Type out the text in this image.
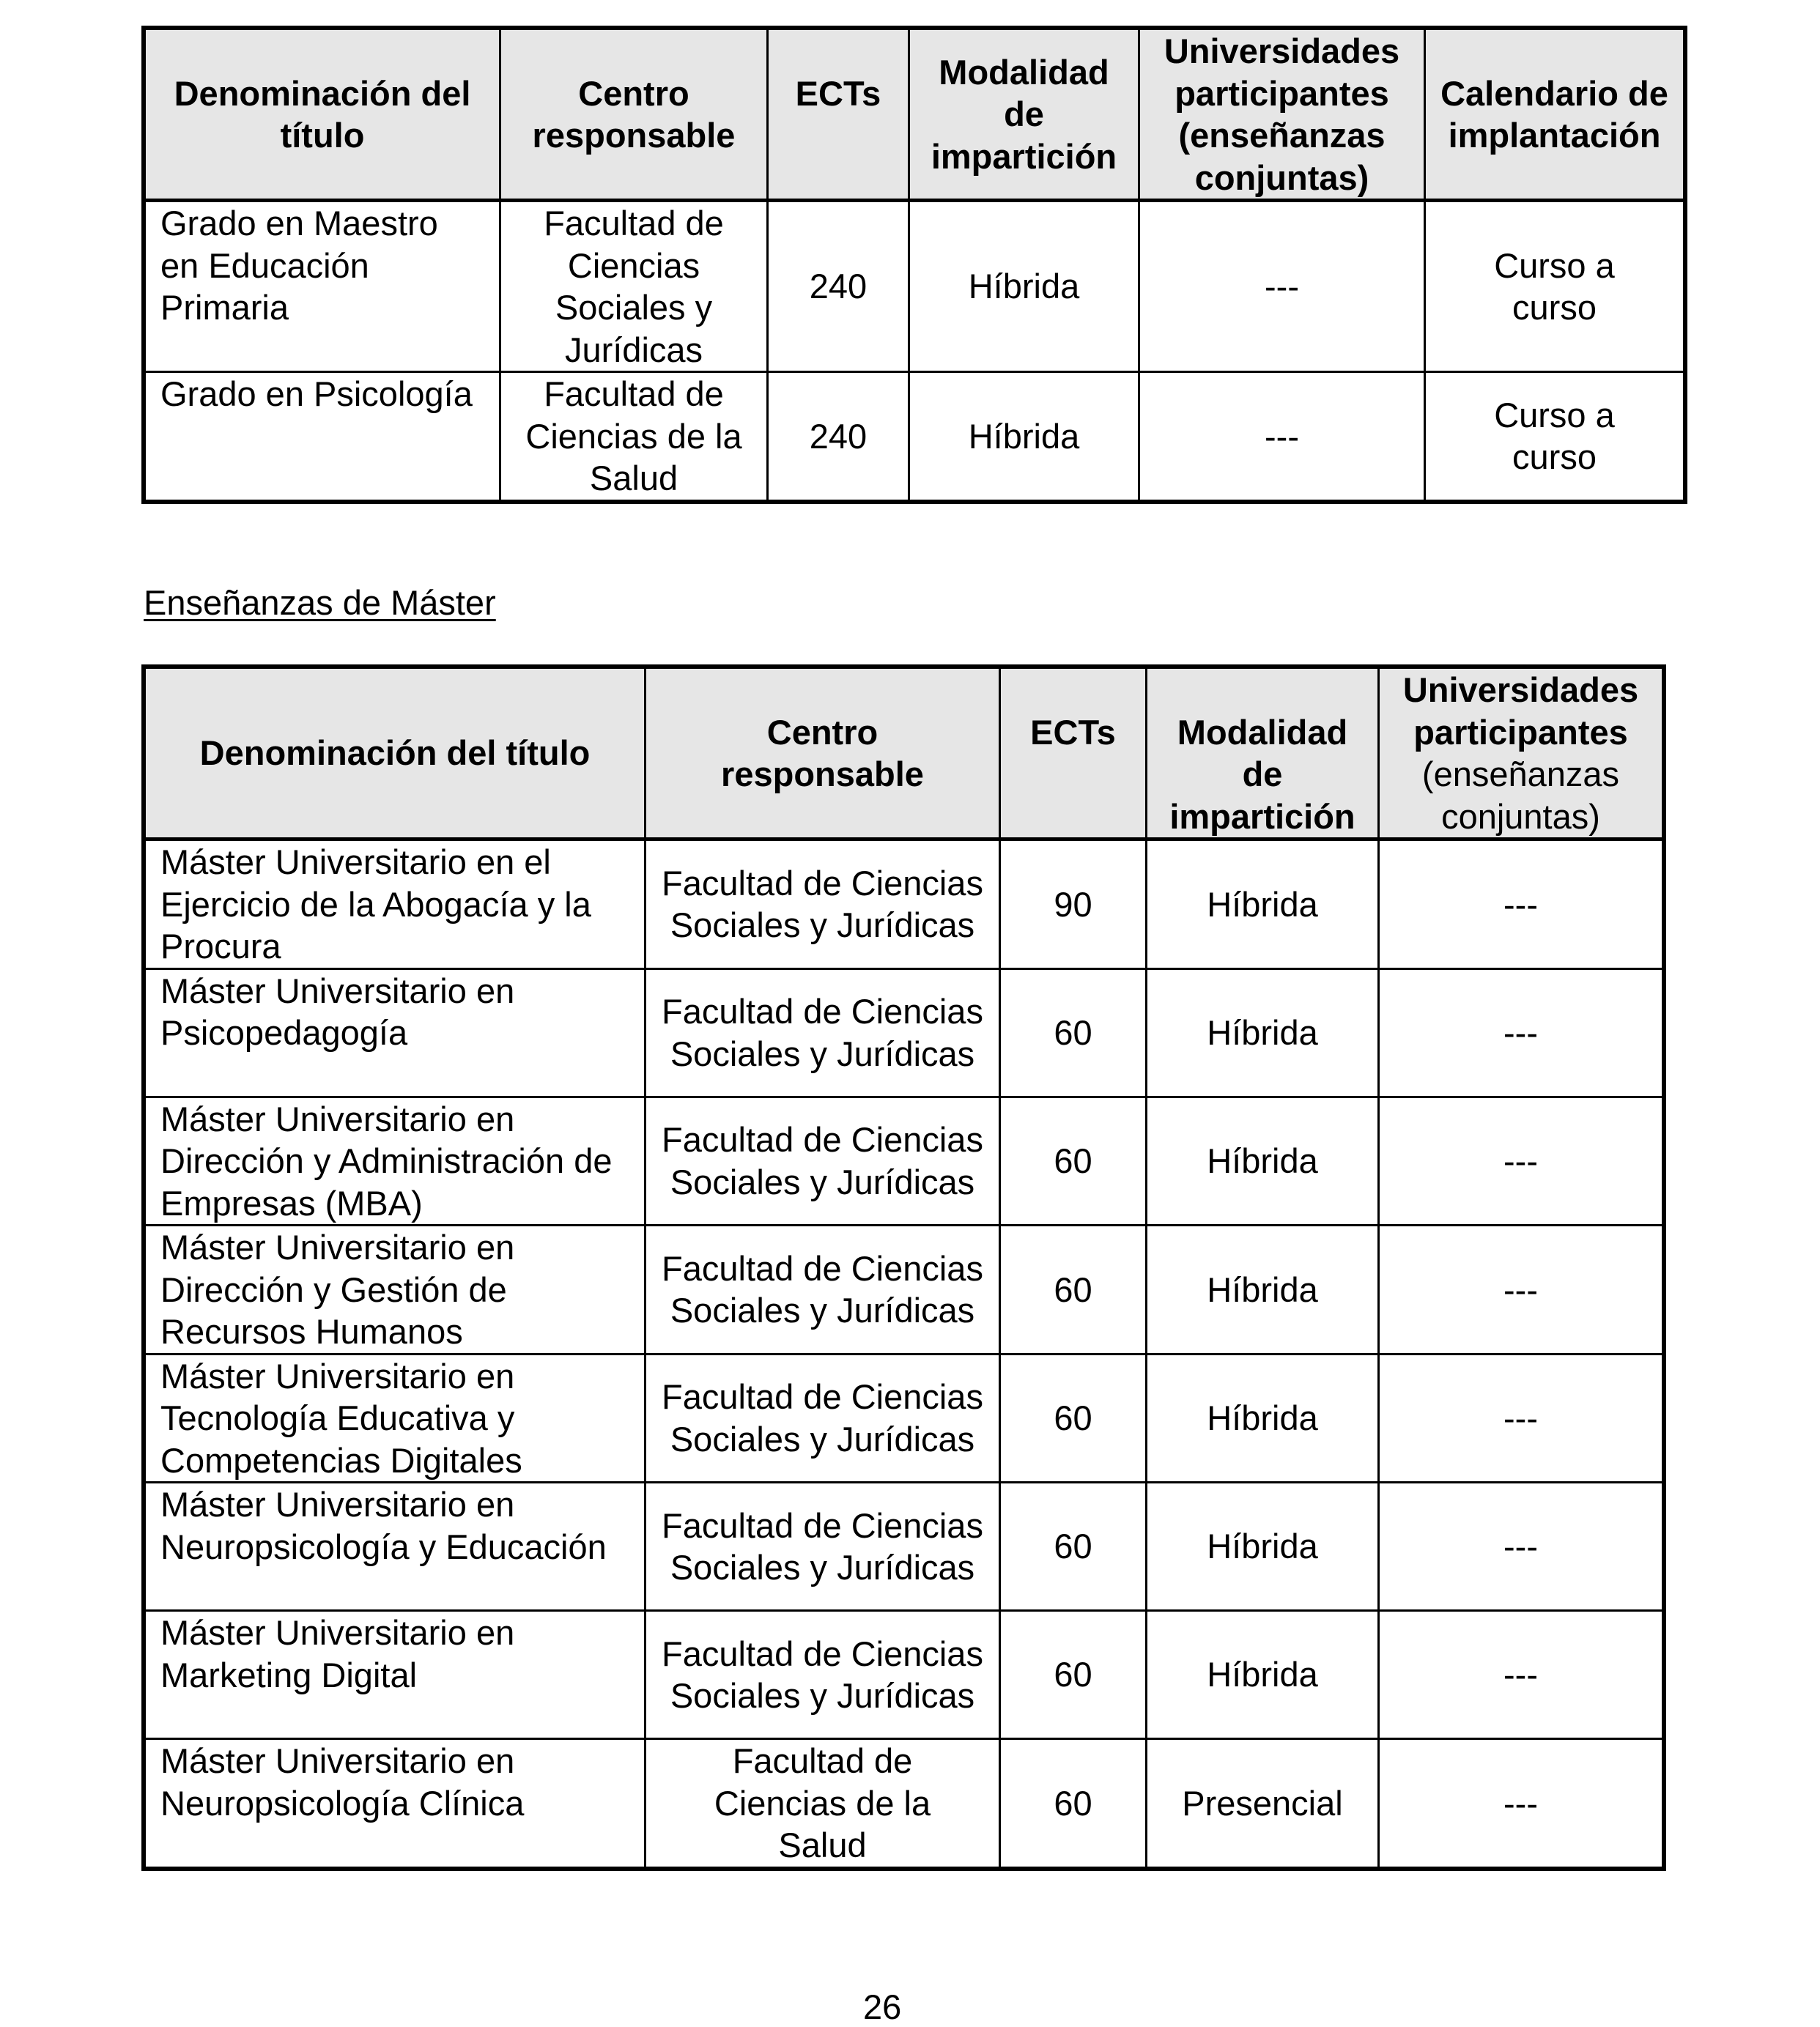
Denominación del título	Centro responsable	ECTs	Modalidad de impartición	Universidades participantes (enseñanzas conjuntas)	Calendario de implantación
Grado en Maestro en Educación Primaria	Facultad de Ciencias Sociales y Jurídicas	240	Híbrida	---	Curso a curso
Grado en Psicología	Facultad de Ciencias de la Salud	240	Híbrida	---	Curso a curso
Enseñanzas de Máster
Denominación del título	Centro responsable	ECTs	Modalidad de impartición	Universidades participantes (enseñanzas conjuntas)
Máster Universitario en el Ejercicio de la Abogacía y la Procura	Facultad de Ciencias Sociales y Jurídicas	90	Híbrida	---
Máster Universitario en Psicopedagogía	Facultad de Ciencias Sociales y Jurídicas	60	Híbrida	---
Máster Universitario en Dirección y Administración de Empresas (MBA)	Facultad de Ciencias Sociales y Jurídicas	60	Híbrida	---
Máster Universitario en Dirección y Gestión de Recursos Humanos	Facultad de Ciencias Sociales y Jurídicas	60	Híbrida	---
Máster Universitario en Tecnología Educativa y Competencias Digitales	Facultad de Ciencias Sociales y Jurídicas	60	Híbrida	---
Máster Universitario en Neuropsicología y Educación	Facultad de Ciencias Sociales y Jurídicas	60	Híbrida	---
Máster Universitario en Marketing Digital	Facultad de Ciencias Sociales y Jurídicas	60	Híbrida	---
Máster Universitario en Neuropsicología Clínica	Facultad de Ciencias de la Salud	60	Presencial	---
26
